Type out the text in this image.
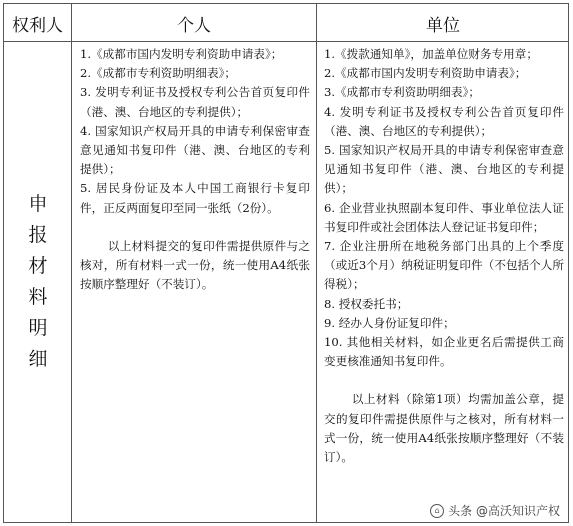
权利人	个人	单位
申
报
材
料
明
细

1.《成都市国内发明专利资助申请表》；

2.《成都市专利资助明细表》；

3. 发明专利证书及授权专利公告首页复印件（港、澳、台地区的专利提供）；

4. 国家知识产权局开具的申请专利保密审查意见通知书复印件（港、澳、台地区的专利提供）；

5. 居民身份证及本人中国工商银行卡复印件，正反两面复印至同一张纸（2份）。

以上材料提交的复印件需提供原件与之核对，所有材料一式一份，统一使用A4纸张按顺序整理好（不装订）。

1.《拨款通知单》，加盖单位财务专用章；

2.《成都市国内发明专利资助申请表》；

3.《成都市专利资助明细表》；

4. 发明专利证书及授权专利公告首页复印件（港、澳、台地区的专利提供）；

5. 国家知识产权局开具的申请专利保密审查意见通知书复印件（港、澳、台地区的专利提供）；

6. 企业营业执照副本复印件、事业单位法人证书复印件或社会团体法人登记证书复印件；

7. 企业注册所在地税务部门出具的上个季度（或近3个月）纳税证明复印件（不包括个人所得税）；

8. 授权委托书；

9. 经办人身份证复印件；

10. 其他相关材料，如企业更名后需提供工商变更核准通知书复印件。

以上材料（除第1项）均需加盖公章，提交的复印件需提供原件与之核对，所有材料一式一份，统一使用A4纸张按顺序整理好（不装订）。

⌂ 头条 @高沃知识产权
